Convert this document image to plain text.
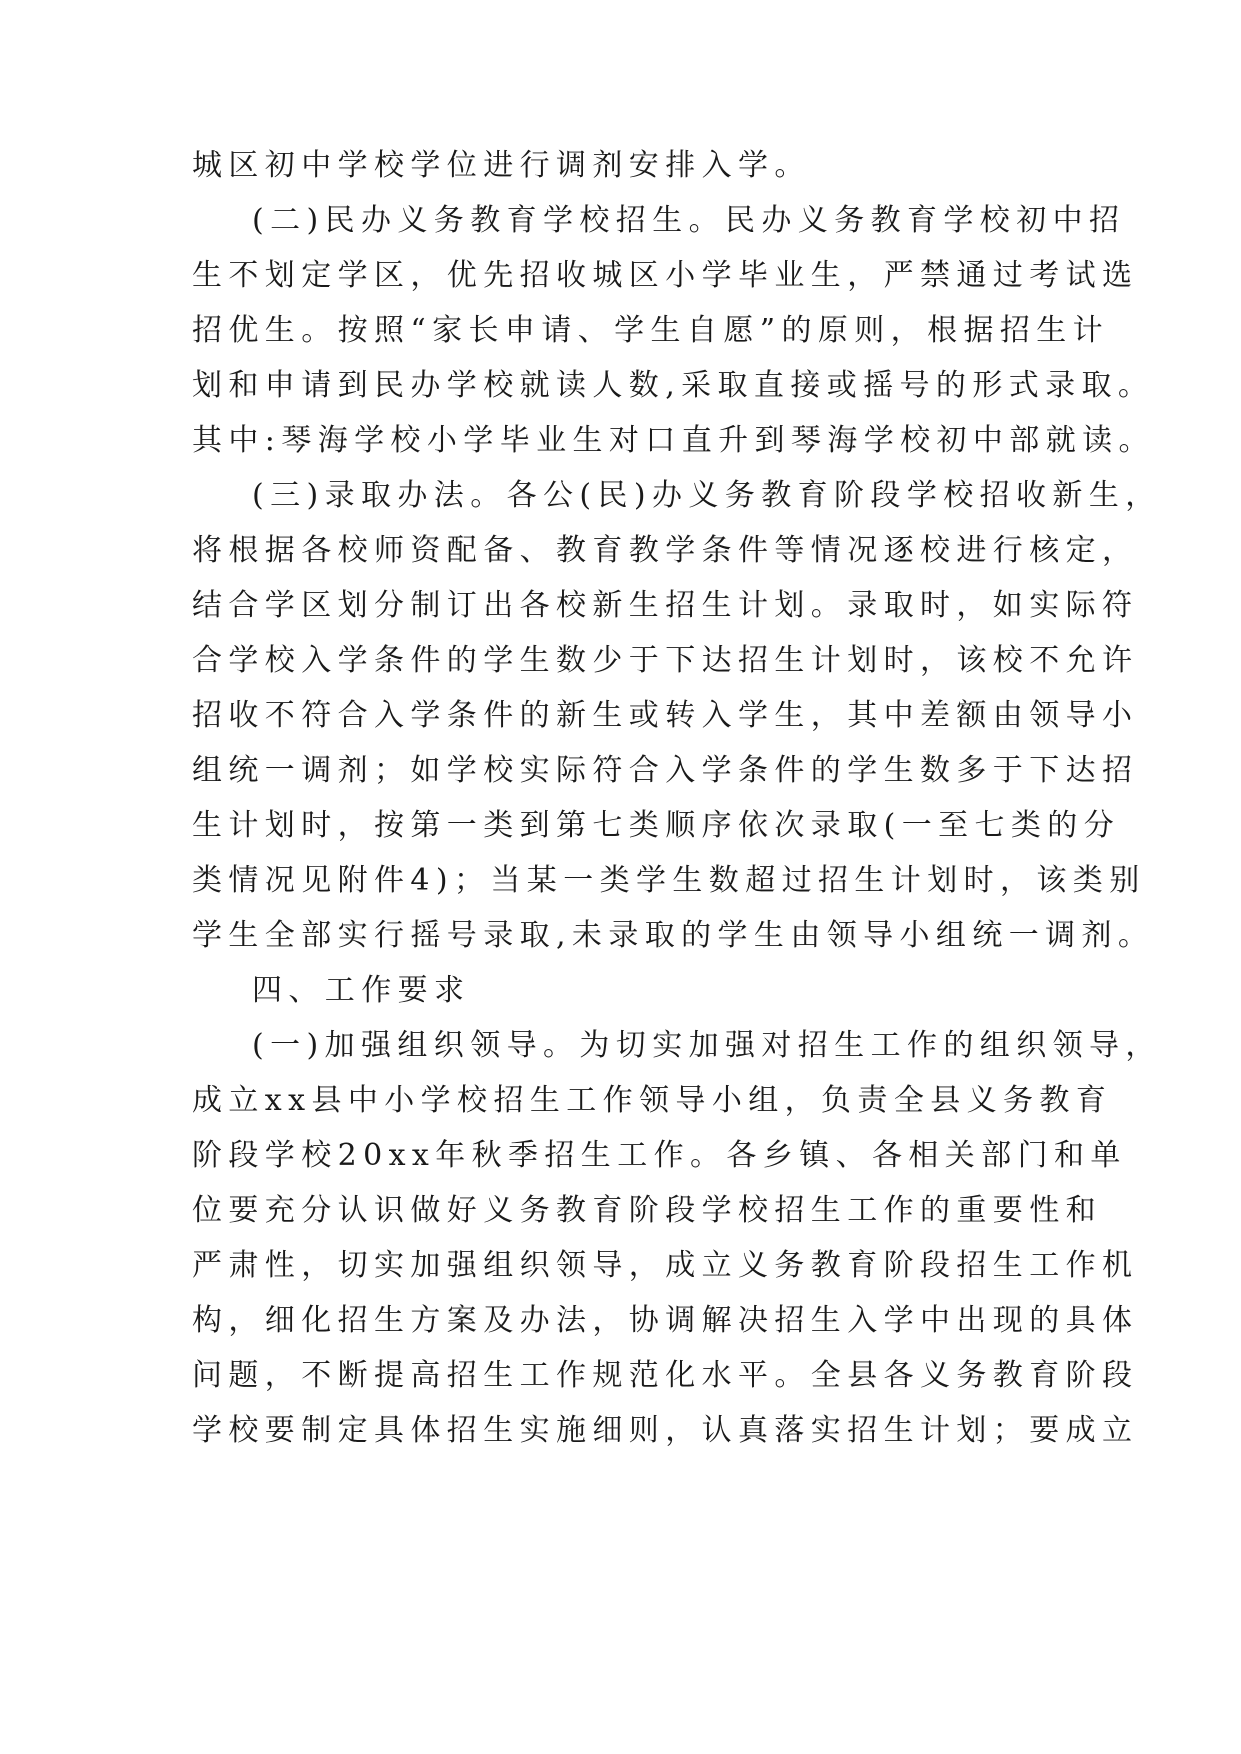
城区初中学校学位进行调剂安排入学。

(二)民办义务教育学校招生。民办义务教育学校初中招

生不划定学区，优先招收城区小学毕业生，严禁通过考试选

招优生。按照“家长申请、学生自愿”的原则，根据招生计

划和申请到民办学校就读人数,采取直接或摇号的形式录取。

其中:琴海学校小学毕业生对口直升到琴海学校初中部就读。

(三)录取办法。各公(民)办义务教育阶段学校招收新生，

将根据各校师资配备、教育教学条件等情况逐校进行核定，

结合学区划分制订出各校新生招生计划。录取时，如实际符

合学校入学条件的学生数少于下达招生计划时，该校不允许

招收不符合入学条件的新生或转入学生，其中差额由领导小

组统一调剂；如学校实际符合入学条件的学生数多于下达招

生计划时，按第一类到第七类顺序依次录取(一至七类的分

类情况见附件4)；当某一类学生数超过招生计划时，该类别

学生全部实行摇号录取,未录取的学生由领导小组统一调剂。

四、工作要求

(一)加强组织领导。为切实加强对招生工作的组织领导，

成立xx县中小学校招生工作领导小组，负责全县义务教育

阶段学校20xx年秋季招生工作。各乡镇、各相关部门和单

位要充分认识做好义务教育阶段学校招生工作的重要性和

严肃性，切实加强组织领导，成立义务教育阶段招生工作机

构，细化招生方案及办法，协调解决招生入学中出现的具体

问题，不断提高招生工作规范化水平。全县各义务教育阶段

学校要制定具体招生实施细则，认真落实招生计划；要成立
